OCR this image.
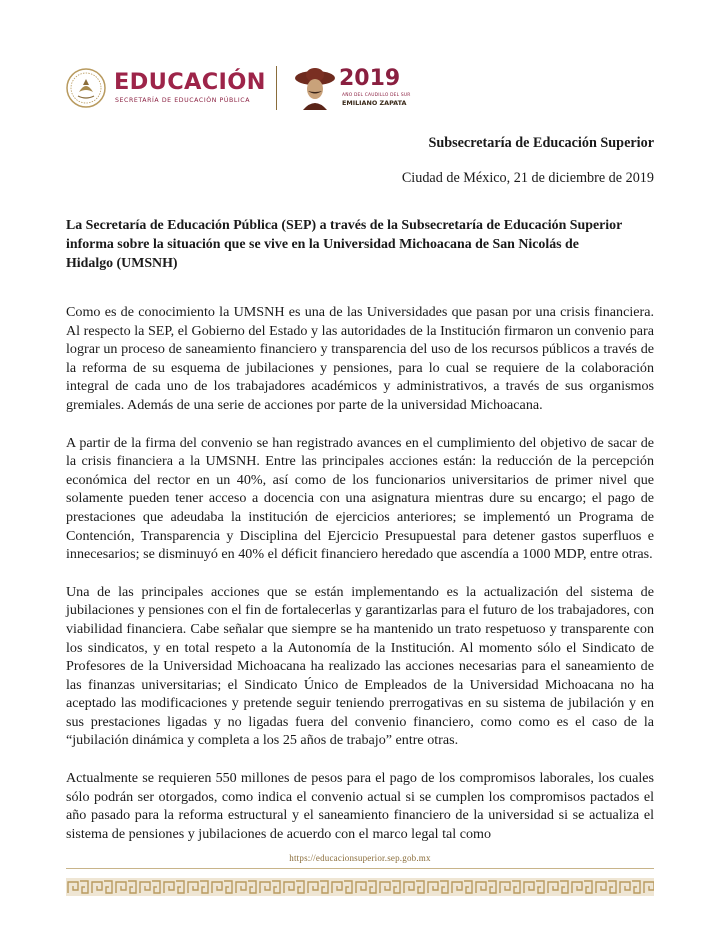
EDUCACIÓN
SECRETARÍA DE EDUCACIÓN PÚBLICA
2019
AÑO DEL CAUDILLO DEL SUR
EMILIANO ZAPATA
Subsecretaría de Educación Superior
Ciudad de México, 21 de diciembre de 2019
La Secretaría de Educación Pública (SEP) a través de la Subsecretaría de Educación Superior informa sobre la situación que se vive en la Universidad Michoacana de San Nicolás de Hidalgo (UMSNH)

Como es de conocimiento la UMSNH es una de las Universidades que pasan por una crisis financiera. Al respecto la SEP, el Gobierno del Estado y las autoridades de la Institución firmaron un convenio para lograr un proceso de saneamiento financiero y transparencia del uso de los recursos públicos a través de la reforma de su esquema de jubilaciones y pensiones, para lo cual se requiere de la colaboración integral de cada uno de los trabajadores académicos y administrativos, a través de sus organismos gremiales. Además de una serie de acciones por parte de la universidad Michoacana.

A partir de la firma del convenio se han registrado avances en el cumplimiento del objetivo de sacar de la crisis financiera a la UMSNH. Entre las principales acciones están: la reducción de la percepción económica del rector en un 40%, así como de los funcionarios universitarios de primer nivel que solamente pueden tener acceso a docencia con una asignatura mientras dure su encargo; el pago de prestaciones que adeudaba la institución de ejercicios anteriores; se implementó un Programa de Contención, Transparencia y Disciplina del Ejercicio Presupuestal para detener gastos superfluos e innecesarios; se disminuyó en 40% el déficit financiero heredado que ascendía a 1000 MDP, entre otras.

Una de las principales acciones que se están implementando es la actualización del sistema de jubilaciones y pensiones con el fin de fortalecerlas y garantizarlas para el futuro de los trabajadores, con viabilidad financiera. Cabe señalar que siempre se ha mantenido un trato respetuoso y transparente con los sindicatos, y en total respeto a la Autonomía de la Institución. Al momento sólo el Sindicato de Profesores de la Universidad Michoacana ha realizado las acciones necesarias para el saneamiento de las finanzas universitarias; el Sindicato Único de Empleados de la Universidad Michoacana no ha aceptado las modificaciones y pretende seguir teniendo prerrogativas en su sistema de jubilación y en sus prestaciones ligadas y no ligadas fuera del convenio financiero, como como es el caso de la “jubilación dinámica y completa a los 25 años de trabajo” entre otras.

Actualmente se requieren 550 millones de pesos para el pago de los compromisos laborales, los cuales sólo podrán ser otorgados, como indica el convenio actual si se cumplen los compromisos pactados el año pasado para la reforma estructural y el saneamiento financiero de la universidad si se actualiza el sistema de pensiones y jubilaciones de acuerdo con el marco legal tal como

https://educacionsuperior.sep.gob.mx
